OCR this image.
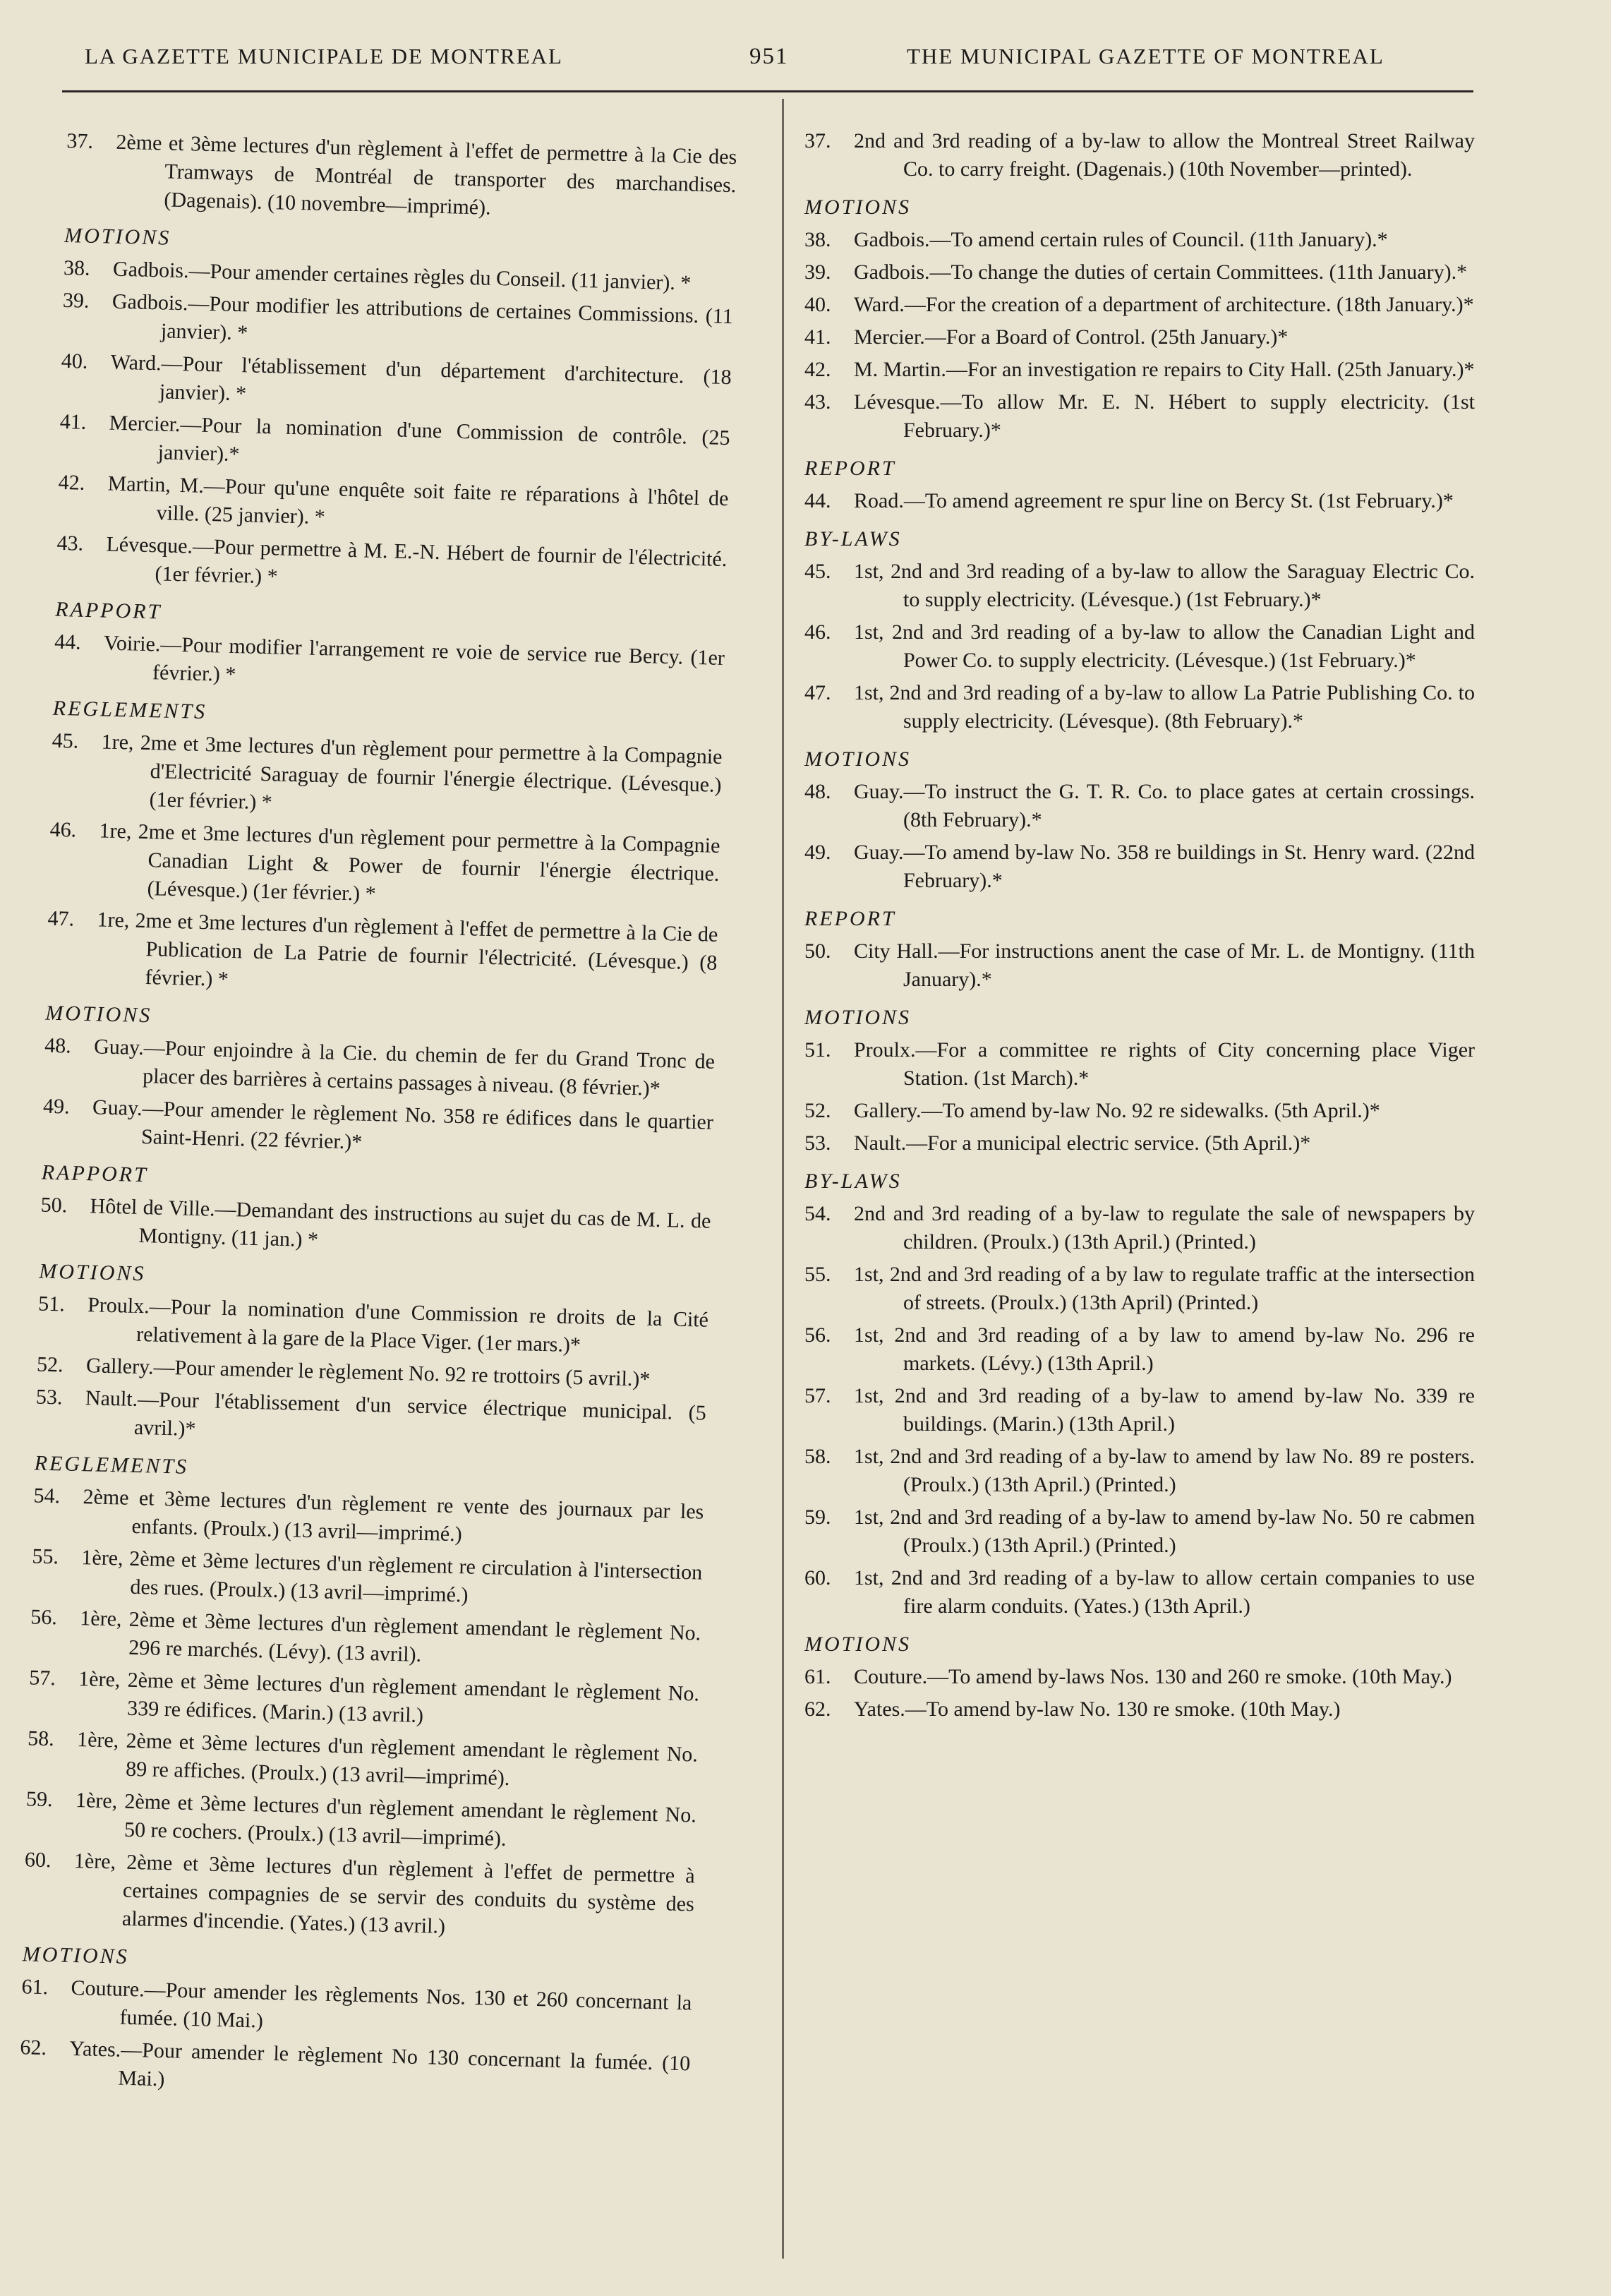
LA GAZETTE MUNICIPALE DE MONTREAL	951	THE MUNICIPAL GAZETTE OF MONTREAL
37.	2ème et 3ème lectures d'un règlement à l'effet de permettre à la Cie des Tramways de Montréal de transporter des marchandises. (Dagenais). (10 novembre—imprimé).
MOTIONS
38.	Gadbois.—Pour amender certaines règles du Conseil. (11 janvier). *
39.	Gadbois.—Pour modifier les attributions de certaines Commissions. (11 janvier). *
40.	Ward.—Pour l'établissement d'un département d'architecture. (18 janvier). *
41.	Mercier.—Pour la nomination d'une Commission de contrôle. (25 janvier).*
42.	Martin, M.—Pour qu'une enquête soit faite re réparations à l'hôtel de ville. (25 janvier). *
43.	Lévesque.—Pour permettre à M. E.-N. Hébert de fournir de l'électricité. (1er février.) *
RAPPORT
44.	Voirie.—Pour modifier l'arrangement re voie de service rue Bercy. (1er février.) *
REGLEMENTS
45.	1re, 2me et 3me lectures d'un règlement pour permettre à la Compagnie d'Electricité Saraguay de fournir l'énergie électrique. (Lévesque.) (1er février.) *
46.	1re, 2me et 3me lectures d'un règlement pour permettre à la Compagnie Canadian Light & Power de fournir l'énergie électrique. (Lévesque.) (1er février.) *
47.	1re, 2me et 3me lectures d'un règlement à l'effet de permettre à la Cie de Publication de La Patrie de fournir l'électricité. (Lévesque.) (8 février.) *
MOTIONS
48.	Guay.—Pour enjoindre à la Cie. du chemin de fer du Grand Tronc de placer des barrières à certains passages à niveau. (8 février.)*
49.	Guay.—Pour amender le règlement No. 358 re édifices dans le quartier Saint-Henri. (22 février.)*
RAPPORT
50.	Hôtel de Ville.—Demandant des instructions au sujet du cas de M. L. de Montigny. (11 jan.) *
MOTIONS
51.	Proulx.—Pour la nomination d'une Commission re droits de la Cité relativement à la gare de la Place Viger. (1er mars.)*
52.	Gallery.—Pour amender le règlement No. 92 re trottoirs (5 avril.)*
53.	Nault.—Pour l'établissement d'un service électrique municipal. (5 avril.)*
REGLEMENTS
54.	2ème et 3ème lectures d'un règlement re vente des journaux par les enfants. (Proulx.) (13 avril—imprimé.)
55.	1ère, 2ème et 3ème lectures d'un règlement re circulation à l'intersection des rues. (Proulx.) (13 avril—imprimé.)
56.	1ère, 2ème et 3ème lectures d'un règlement amendant le règlement No. 296 re marchés. (Lévy). (13 avril).
57.	1ère, 2ème et 3ème lectures d'un règlement amendant le règlement No. 339 re édifices. (Marin.) (13 avril.)
58.	1ère, 2ème et 3ème lectures d'un règlement amendant le règlement No. 89 re affiches. (Proulx.) (13 avril—imprimé).
59.	1ère, 2ème et 3ème lectures d'un règlement amendant le règlement No. 50 re cochers. (Proulx.) (13 avril—imprimé).
60.	1ère, 2ème et 3ème lectures d'un règlement à l'effet de permettre à certaines compagnies de se servir des conduits du système des alarmes d'incendie. (Yates.) (13 avril.)
MOTIONS
61.	Couture.—Pour amender les règlements Nos. 130 et 260 concernant la fumée. (10 Mai.)
62.	Yates.—Pour amender le règlement No 130 concernant la fumée. (10 Mai.)
37.	2nd and 3rd reading of a by-law to allow the Montreal Street Railway Co. to carry freight. (Dagenais.) (10th November—printed).
MOTIONS
38.	Gadbois.—To amend certain rules of Council. (11th January).*
39.	Gadbois.—To change the duties of certain Committees. (11th January).*
40.	Ward.—For the creation of a department of architecture. (18th January.)*
41.	Mercier.—For a Board of Control. (25th January.)*
42.	M. Martin.—For an investigation re repairs to City Hall. (25th January.)*
43.	Lévesque.—To allow Mr. E. N. Hébert to supply electricity. (1st February.)*
REPORT
44.	Road.—To amend agreement re spur line on Bercy St. (1st February.)*
BY-LAWS
45.	1st, 2nd and 3rd reading of a by-law to allow the Saraguay Electric Co. to supply electricity. (Lévesque.) (1st February.)*
46.	1st, 2nd and 3rd reading of a by-law to allow the Canadian Light and Power Co. to supply electricity. (Lévesque.) (1st February.)*
47.	1st, 2nd and 3rd reading of a by-law to allow La Patrie Publishing Co. to supply electricity. (Lévesque). (8th February).*
MOTIONS
48.	Guay.—To instruct the G. T. R. Co. to place gates at certain crossings. (8th February).*
49.	Guay.—To amend by-law No. 358 re buildings in St. Henry ward. (22nd February).*
REPORT
50.	City Hall.—For instructions anent the case of Mr. L. de Montigny. (11th January).*
MOTIONS
51.	Proulx.—For a committee re rights of City concerning place Viger Station. (1st March).*
52.	Gallery.—To amend by-law No. 92 re sidewalks. (5th April.)*
53.	Nault.—For a municipal electric service. (5th April.)*
BY-LAWS
54.	2nd and 3rd reading of a by-law to regulate the sale of newspapers by children. (Proulx.) (13th April.) (Printed.)
55.	1st, 2nd and 3rd reading of a by law to regulate traffic at the intersection of streets. (Proulx.) (13th April) (Printed.)
56.	1st, 2nd and 3rd reading of a by law to amend by-law No. 296 re markets. (Lévy.) (13th April.)
57.	1st, 2nd and 3rd reading of a by-law to amend by-law No. 339 re buildings. (Marin.) (13th April.)
58.	1st, 2nd and 3rd reading of a by-law to amend by law No. 89 re posters. (Proulx.) (13th April.) (Printed.)
59.	1st, 2nd and 3rd reading of a by-law to amend by-law No. 50 re cabmen (Proulx.) (13th April.) (Printed.)
60.	1st, 2nd and 3rd reading of a by-law to allow certain companies to use fire alarm conduits. (Yates.) (13th April.)
MOTIONS
61.	Couture.—To amend by-laws Nos. 130 and 260 re smoke. (10th May.)
62.	Yates.—To amend by-law No. 130 re smoke. (10th May.)
